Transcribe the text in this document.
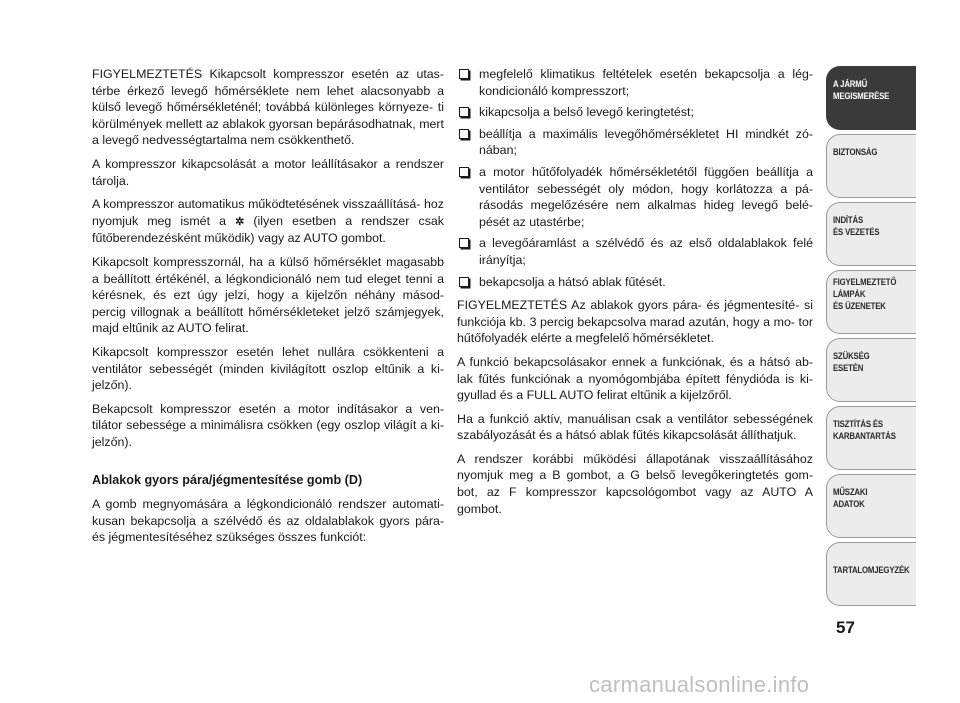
FIGYELMEZTETÉS Kikapcsolt kompresszor esetén az utas- térbe érkező levegő hőmérséklete nem lehet alacsonyabb a külső levegő hőmérsékleténél; továbbá különleges környeze- ti körülmények mellett az ablakok gyorsan bepárásodhatnak, mert a levegő nedvességtartalma nem csökkenthető.

A kompresszor kikapcsolását a motor leállításakor a rendszer tárolja.

A kompresszor automatikus működtetésének visszaállításá- hoz nyomjuk meg ismét a ✲ (ilyen esetben a rendszer csak fűtőberendezésként működik) vagy az AUTO gombot.

Kikapcsolt kompresszornál, ha a külső hőmérséklet magasabb a beállított értékénél, a légkondicionáló nem tud eleget tenni a kérésnek, és ezt úgy jelzi, hogy a kijelzőn néhány másod- percig villognak a beállított hőmérsékleteket jelző számjegyek, majd eltűnik az AUTO felirat.

Kikapcsolt kompresszor esetén lehet nullára csökkenteni a ventilátor sebességét (minden kivilágított oszlop eltűnik a ki- jelzőn).

Bekapcsolt kompresszor esetén a motor indításakor a ven- tilátor sebessége a minimálisra csökken (egy oszlop világít a ki- jelzőn).

Ablakok gyors pára/jégmentesítése gomb (D)

A gomb megnyomására a légkondicionáló rendszer automati- kusan bekapcsolja a szélvédő és az oldalablakok gyors pára- és jégmentesítéséhez szükséges összes funkciót:

megfelelő klimatikus feltételek esetén bekapcsolja a lég- kondicionáló kompresszort;
kikapcsolja a belső levegő keringtetést;
beállítja a maximális levegőhőmérsékletet HI mindkét zó- nában;
a motor hűtőfolyadék hőmérsékletétől függően beállítja a ventilátor sebességét oly módon, hogy korlátozza a pá- rásodás megelőzésére nem alkalmas hideg levegő belé- pését az utastérbe;
a levegőáramlást a szélvédő és az első oldalablakok felé irányítja;
bekapcsolja a hátsó ablak fűtését.

FIGYELMEZTETÉS Az ablakok gyors pára- és jégmentesíté- si funkciója kb. 3 percig bekapcsolva marad azután, hogy a mo- tor hűtőfolyadék elérte a megfelelő hőmérsékletet.

A funkció bekapcsolásakor ennek a funkciónak, és a hátsó ab- lak fűtés funkciónak a nyomógombjába épített fénydióda is ki- gyullad és a FULL AUTO felirat eltűnik a kijelzőről.

Ha a funkció aktív, manuálisan csak a ventilátor sebességének szabályozását és a hátsó ablak fűtés kikapcsolását állíthatjuk.

A rendszer korábbi működési állapotának visszaállításához nyomjuk meg a B gombot, a G belső levegőkeringtetés gom- bot, az F kompresszor kapcsológombot vagy az AUTO A gombot.

A JÁRMŰ
MEGISMERÉSE
BIZTONSÁG
INDÍTÁS
ÉS VEZETÉS
FIGYELMEZTETŐ
LÁMPÁK
ÉS ÜZENETEK
SZÜKSÉG
ESETÉN
TISZTÍTÁS ÉS
KARBANTARTÁS
MŰSZAKI
ADATOK
TARTALOMJEGYZÉK
57
carmanualsonline.info
